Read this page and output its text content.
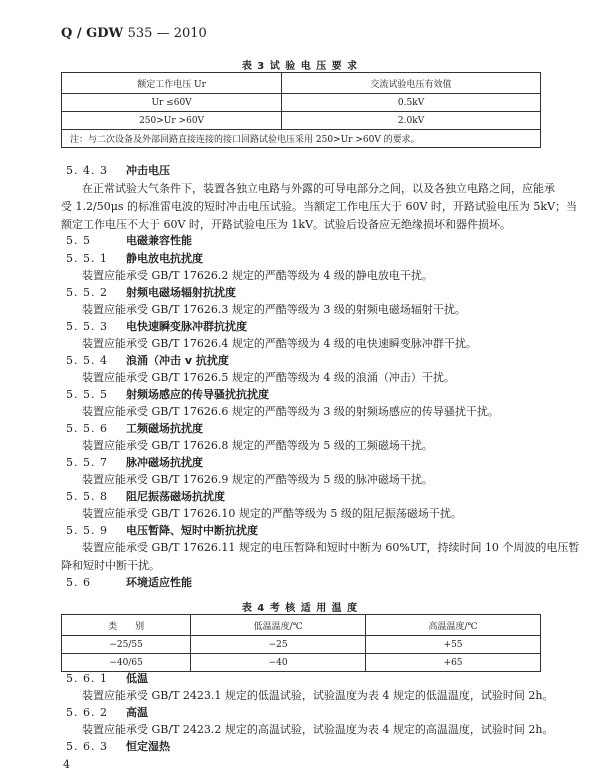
Q / GDW 535 — 2010
表 3 试 验 电 压 要 求
额定工作电压 Ur	交流试验电压有效值
Ur ≤60V	0.5kV
250>Ur >60V	2.0kV
注：与二次设备及外部回路直接连接的接口回路试验电压采用 250>Ur >60V 的要求。	
5. 4. 3 冲击电压
在正常试验大气条件下，装置各独立电路与外露的可导电部分之间，以及各独立电路之间，应能承
受 1.2/50μs 的标准雷电波的短时冲击电压试验。当额定工作电压大于 60V 时，开路试验电压为 5kV；当
额定工作电压不大于 60V 时，开路试验电压为 1kV。试验后设备应无绝缘损坏和器件损坏。
5. 5	电磁兼容性能
5. 5. 1 静电放电抗扰度
装置应能承受 GB/T 17626.2 规定的严酷等级为 4 级的静电放电干扰。
5. 5. 2 射频电磁场辐射抗扰度
装置应能承受 GB/T 17626.3 规定的严酷等级为 3 级的射频电磁场辐射干扰。
5. 5. 3 电快速瞬变脉冲群抗扰度
装置应能承受 GB/T 17626.4 规定的严酷等级为 4 级的电快速瞬变脉冲群干扰。
5. 5. 4 浪涌（冲击 v 抗扰度
装置应能承受 GB/T 17626.5 规定的严酷等级为 4 级的浪涌（冲击）干扰。
5. 5. 5 射频场感应的传导骚扰抗扰度
装置应能承受 GB/T 17626.6 规定的严酷等级为 3 级的射频场感应的传导骚扰干扰。
5. 5. 6 工频磁场抗扰度
装置应能承受 GB/T 17626.8 规定的严酷等级为 5 级的工频磁场干扰。
5. 5. 7 脉冲磁场抗扰度
装置应能承受 GB/T 17626.9 规定的严酷等级为 5 级的脉冲磁场干扰。
5. 5. 8 阻尼振荡磁场抗扰度
装置应能承受 GB/T 17626.10 规定的严酷等级为 5 级的阻尼振荡磁场干扰。
5. 5. 9 电压暂降、短时中断抗扰度
装置应能承受 GB/T 17626.11 规定的电压暂降和短时中断为 60%UT，持续时间 10 个周波的电压暂
降和短时中断干扰。
5. 6	环境适应性能
表 4 考 核 适 用 温 度
类　　别	低温温度/℃	高温温度/℃
−25/55	−25	+55
−40/65	−40	+65
5. 6. 1 低温
装置应能承受 GB/T 2423.1 规定的低温试验，试验温度为表 4 规定的低温温度，试验时间 2h。
5. 6. 2 高温
装置应能承受 GB/T 2423.2 规定的高温试验，试验温度为表 4 规定的高温温度，试验时间 2h。
5. 6. 3 恒定湿热
4
